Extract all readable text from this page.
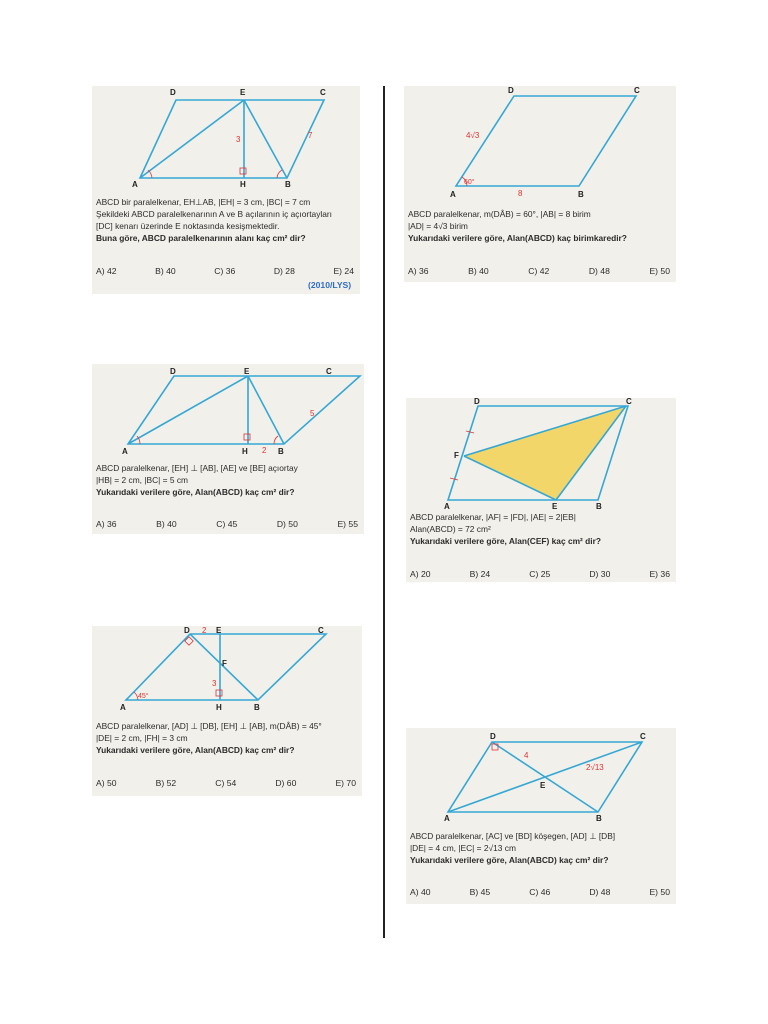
D	E	C
A	H	B
3	7
ABCD bir paralelkenar, EH⊥AB, |EH| = 3 cm, |BC| = 7 cm
Şekildeki ABCD paralelkenarının A ve B açılarının iç açıortayları
[DC] kenarı üzerinde E noktasında kesişmektedir.
Buna göre, ABCD paralelkenarının alanı kaç cm² dir?
A) 42	B) 40	C) 36	D) 28	E) 24
(2010/LYS)
D	C
A	B
4√3
60°
8
ABCD paralelkenar, m(DÂB) = 60°, |AB| = 8 birim
|AD| = 4√3 birim
Yukarıdaki verilere göre, Alan(ABCD) kaç birimkaredir?
A) 36	B) 40	C) 42	D) 48	E) 50
D	E	C
A	H	B
2
5
ABCD paralelkenar, [EH] ⊥ [AB], [AE] ve [BE] açıortay
|HB| = 2 cm, |BC| = 5 cm
Yukarıdaki verilere göre, Alan(ABCD) kaç cm² dir?
A) 36	B) 40	C) 45	D) 50	E) 55
D	C
F
A	E	B
ABCD paralelkenar, |AF| = |FD|, |AE| = 2|EB|
Alan(ABCD) = 72 cm²
Yukarıdaki verilere göre, Alan(CEF) kaç cm² dir?
A) 20	B) 24	C) 25	D) 30	E) 36
D	E	C
F
A	H	B
2
3
45°
ABCD paralelkenar, [AD] ⊥ [DB], [EH] ⊥ [AB], m(DÂB) = 45°
|DE| = 2 cm, |FH| = 3 cm
Yukarıdaki verilere göre, Alan(ABCD) kaç cm² dir?
A) 50	B) 52	C) 54	D) 60	E) 70
D	C
E
A	B
4
2√13
ABCD paralelkenar, [AC] ve [BD] köşegen, [AD] ⊥ [DB]
|DE| = 4 cm, |EC| = 2√13 cm
Yukarıdaki verilere göre, Alan(ABCD) kaç cm² dir?
A) 40	B) 45	C) 46	D) 48	E) 50
